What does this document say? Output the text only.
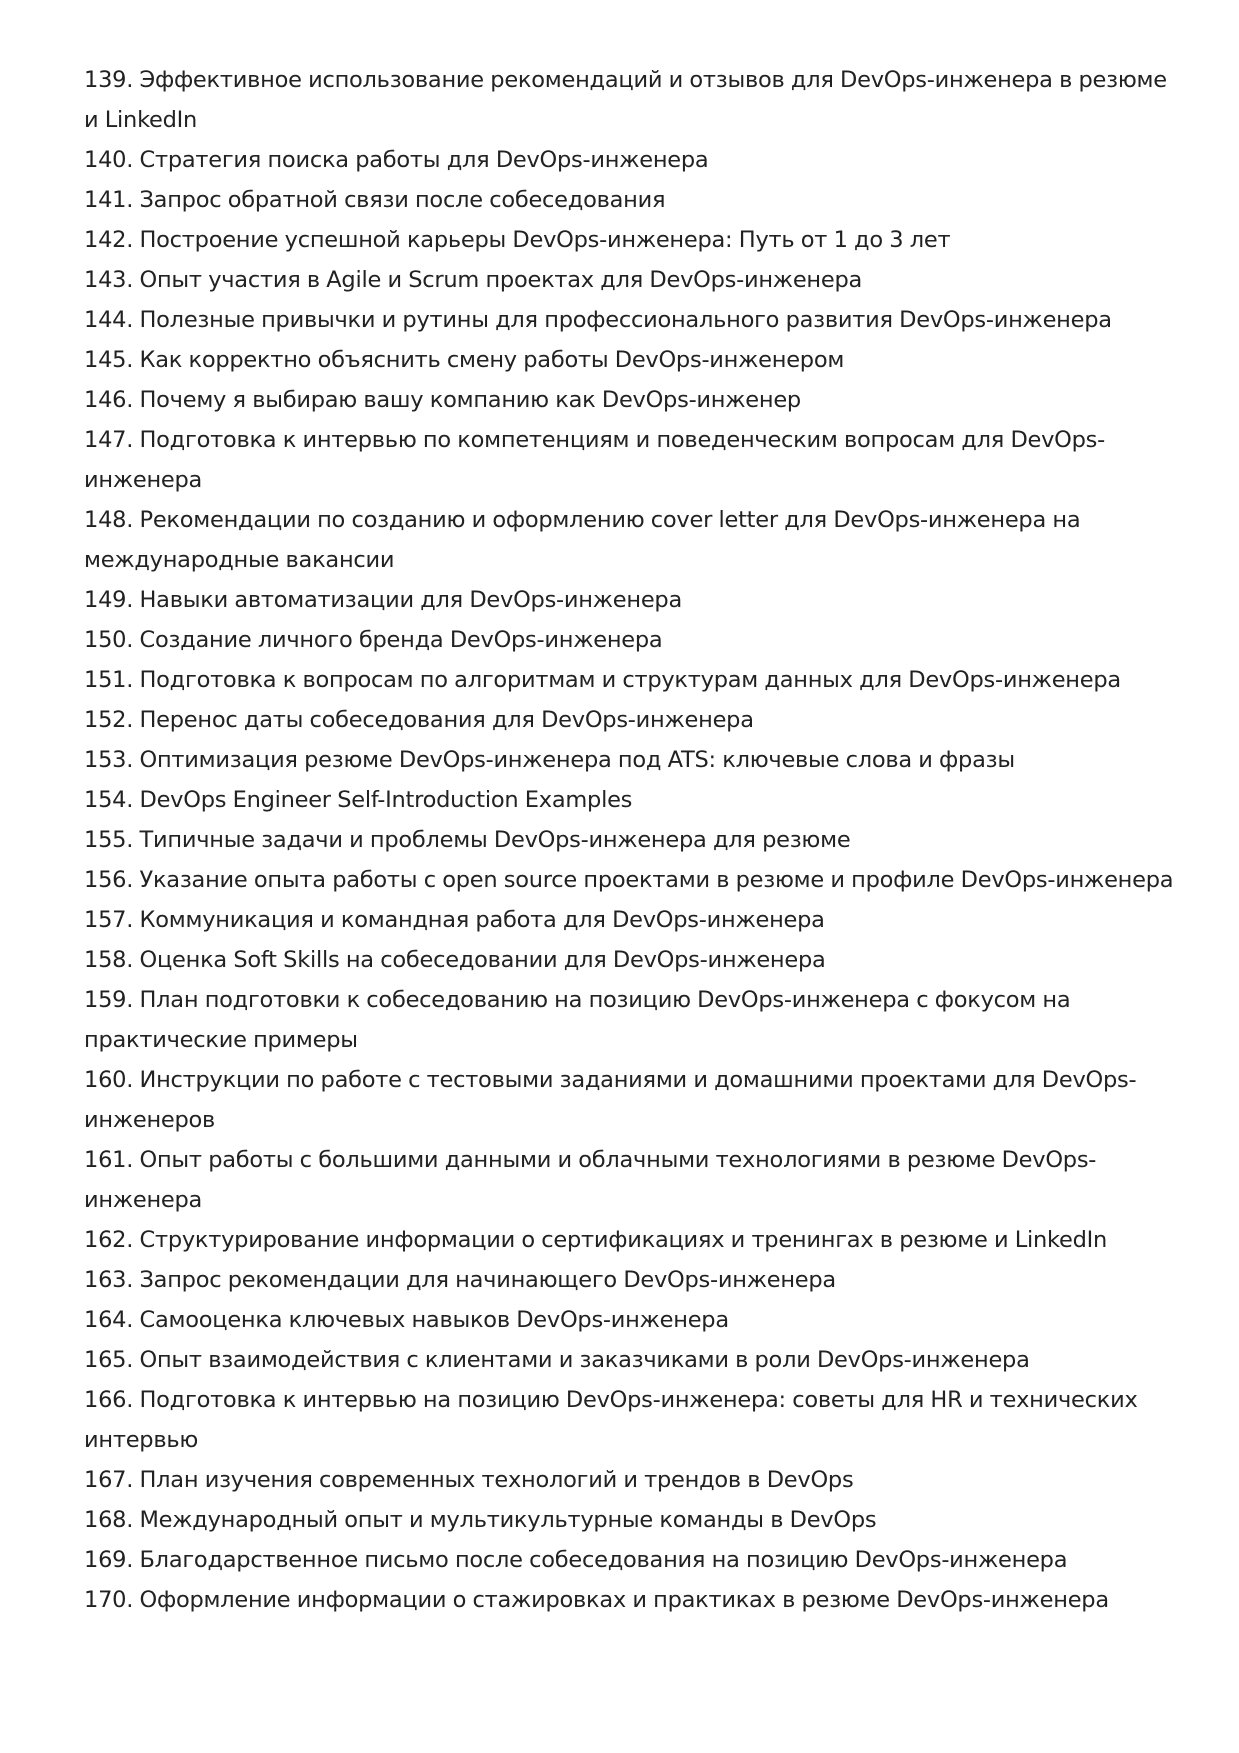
139. Эффективное использование рекомендаций и отзывов для DevOps-инженера в резюме и LinkedIn
140. Стратегия поиска работы для DevOps-инженера
141. Запрос обратной связи после собеседования
142. Построение успешной карьеры DevOps-инженера: Путь от 1 до 3 лет
143. Опыт участия в Agile и Scrum проектах для DevOps-инженера
144. Полезные привычки и рутины для профессионального развития DevOps-инженера
145. Как корректно объяснить смену работы DevOps-инженером
146. Почему я выбираю вашу компанию как DevOps-инженер
147. Подготовка к интервью по компетенциям и поведенческим вопросам для DevOps-инженера
148. Рекомендации по созданию и оформлению cover letter для DevOps-инженера на международные вакансии
149. Навыки автоматизации для DevOps-инженера
150. Создание личного бренда DevOps-инженера
151. Подготовка к вопросам по алгоритмам и структурам данных для DevOps-инженера
152. Перенос даты собеседования для DevOps-инженера
153. Оптимизация резюме DevOps-инженера под ATS: ключевые слова и фразы
154. DevOps Engineer Self-Introduction Examples
155. Типичные задачи и проблемы DevOps-инженера для резюме
156. Указание опыта работы с open source проектами в резюме и профиле DevOps-инженера
157. Коммуникация и командная работа для DevOps-инженера
158. Оценка Soft Skills на собеседовании для DevOps-инженера
159. План подготовки к собеседованию на позицию DevOps-инженера с фокусом на практические примеры
160. Инструкции по работе с тестовыми заданиями и домашними проектами для DevOps-инженеров
161. Опыт работы с большими данными и облачными технологиями в резюме DevOps-инженера
162. Структурирование информации о сертификациях и тренингах в резюме и LinkedIn
163. Запрос рекомендации для начинающего DevOps-инженера
164. Самооценка ключевых навыков DevOps-инженера
165. Опыт взаимодействия с клиентами и заказчиками в роли DevOps-инженера
166. Подготовка к интервью на позицию DevOps-инженера: советы для HR и технических интервью
167. План изучения современных технологий и трендов в DevOps
168. Международный опыт и мультикультурные команды в DevOps
169. Благодарственное письмо после собеседования на позицию DevOps-инженера
170. Оформление информации о стажировках и практиках в резюме DevOps-инженера
